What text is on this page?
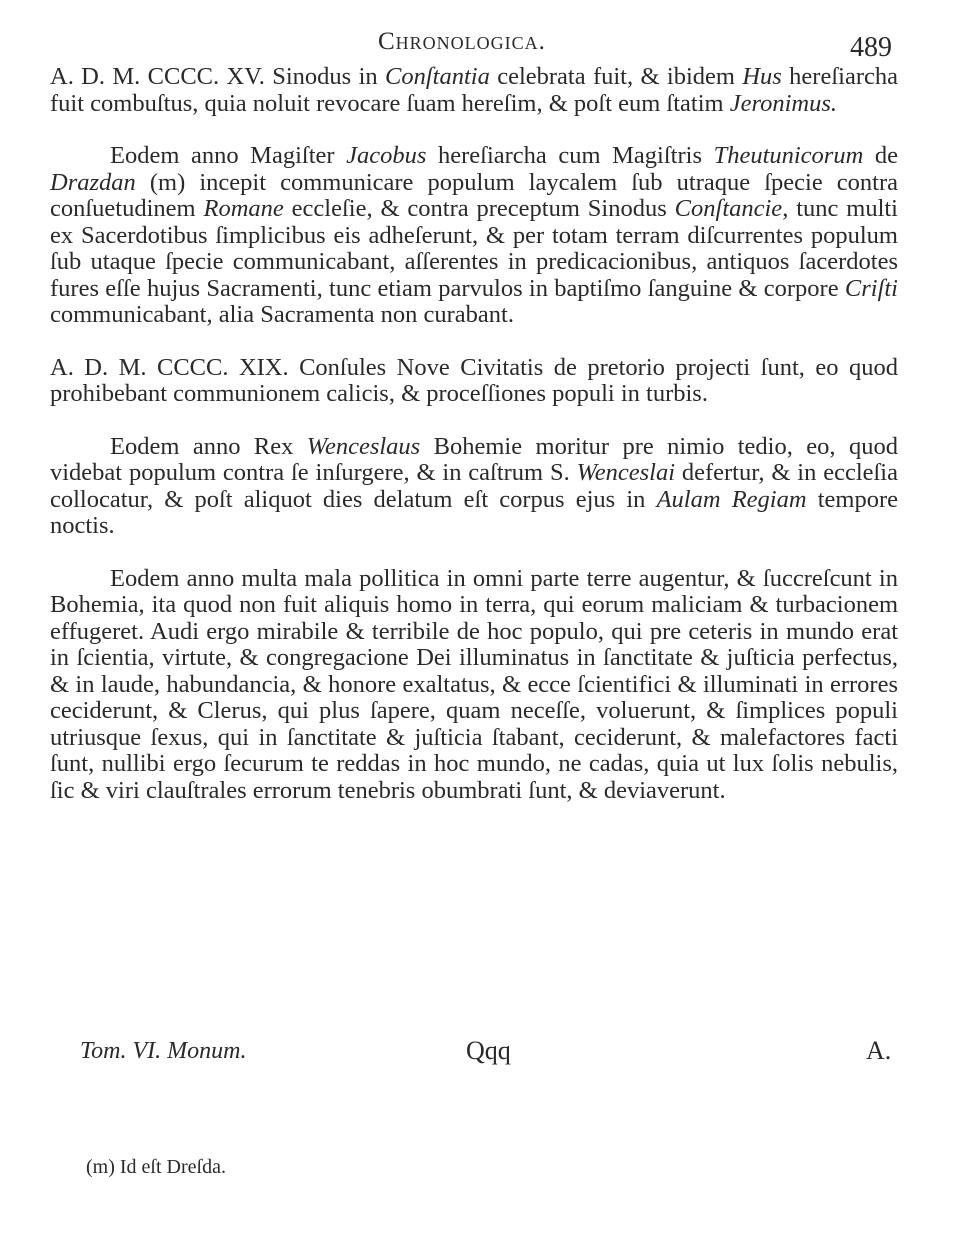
Chronologica.	489

A. D. M. CCCC. XV. Sinodus in Conſtantia celebrata fuit, & ibidem Hus hereſiarcha fuit combuſtus, quia noluit revocare ſuam hereſim, & poſt eum ſtatim Jeronimus.

Eodem anno Magiſter Jacobus hereſiarcha cum Magiſtris Theutunicorum de Drazdan (m) incepit communicare populum laycalem ſub utraque ſpecie contra conſuetudinem Romane eccleſie, & contra preceptum Sinodus Conſtancie, tunc multi ex Sacerdotibus ſimplicibus eis adheſerunt, & per totam terram diſcurrentes populum ſub utaque ſpecie communicabant, aſſerentes in predicacionibus, antiquos ſacerdotes fures eſſe hujus Sacramenti, tunc etiam parvulos in baptiſmo ſanguine & corpore Criſti communicabant, alia Sacramenta non curabant.

A. D. M. CCCC. XIX. Conſules Nove Civitatis de pretorio projecti ſunt, eo quod prohibebant communionem calicis, & proceſſiones populi in turbis.

Eodem anno Rex Wenceslaus Bohemie moritur pre nimio tedio, eo, quod videbat populum contra ſe inſurgere, & in caſtrum S. Wenceslai defertur, & in eccleſia collocatur, & poſt aliquot dies delatum eſt corpus ejus in Aulam Regiam tempore noctis.

Eodem anno multa mala pollitica in omni parte terre augentur, & ſuccreſcunt in Bohemia, ita quod non fuit aliquis homo in terra, qui eorum maliciam & turbacionem effugeret. Audi ergo mirabile & terribile de hoc populo, qui pre ceteris in mundo erat in ſcientia, virtute, & congregacione Dei illuminatus in ſanctitate & juſticia perfectus, & in laude, habundancia, & honore exaltatus, & ecce ſcientifici & illuminati in errores ceciderunt, & Clerus, qui plus ſapere, quam neceſſe, voluerunt, & ſimplices populi utriusque ſexus, qui in ſanctitate & juſticia ſtabant, ceciderunt, & malefactores facti ſunt, nullibi ergo ſecurum te reddas in hoc mundo, ne cadas, quia ut lux ſolis nebulis, ſic & viri clauſtrales errorum tenebris obumbrati ſunt, & deviaverunt.

Tom. VI. Monum.	Qqq	A.
(m) Id eſt Dreſda.
